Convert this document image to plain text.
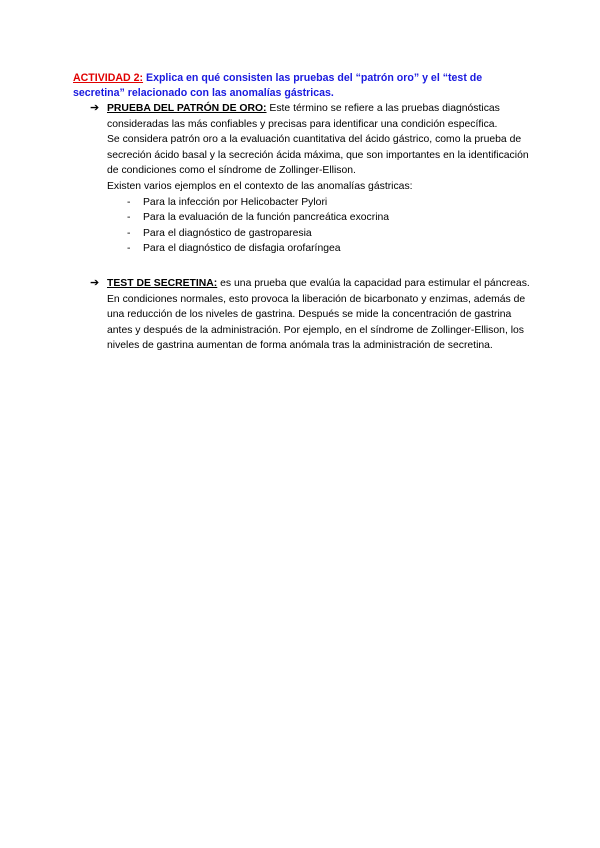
ACTIVIDAD 2: Explica en qué consisten las pruebas del “patrón oro” y el “test de secretina” relacionado con las anomalías gástricas.
➔ PRUEBA DEL PATRÓN DE ORO: Este término se refiere a las pruebas diagnósticas consideradas las más confiables y precisas para identificar una condición específica.

Se considera patrón oro a la evaluación cuantitativa del ácido gástrico, como la prueba de secreción ácido basal y la secreción ácida máxima, que son importantes en la identificación de condiciones como el síndrome de Zollinger-Ellison.

Existen varios ejemplos en el contexto de las anomalías gástricas:

- Para la infección por Helicobacter Pylori
- Para la evaluación de la función pancreática exocrina
- Para el diagnóstico de gastroparesia
- Para el diagnóstico de disfagia orofaríngea
➔ TEST DE SECRETINA: es una prueba que evalúa la capacidad para estimular el páncreas. En condiciones normales, esto provoca la liberación de bicarbonato y enzimas, además de una reducción de los niveles de gastrina. Después se mide la concentración de gastrina antes y después de la administración. Por ejemplo, en el síndrome de Zollinger-Ellison, los niveles de gastrina aumentan de forma anómala tras la administración de secretina.
